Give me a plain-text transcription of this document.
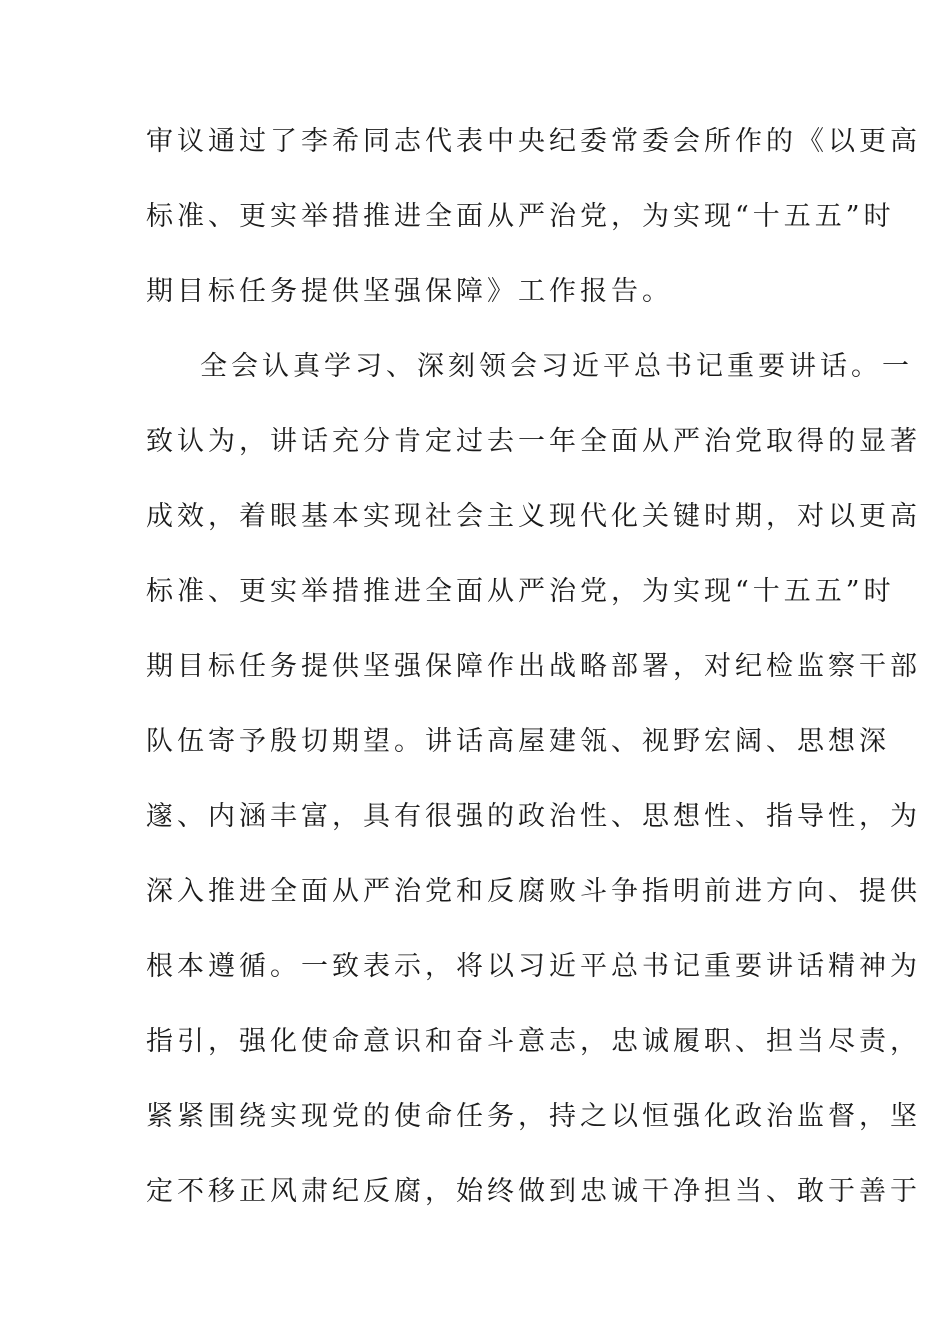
审议通过了李希同志代表中央纪委常委会所作的《以更高
标准、更实举措推进全面从严治党，为实现“十五五”时
期目标任务提供坚强保障》工作报告。
全会认真学习、深刻领会习近平总书记重要讲话。一
致认为，讲话充分肯定过去一年全面从严治党取得的显著
成效，着眼基本实现社会主义现代化关键时期，对以更高
标准、更实举措推进全面从严治党，为实现“十五五”时
期目标任务提供坚强保障作出战略部署，对纪检监察干部
队伍寄予殷切期望。讲话高屋建瓴、视野宏阔、思想深
邃、内涵丰富，具有很强的政治性、思想性、指导性，为
深入推进全面从严治党和反腐败斗争指明前进方向、提供
根本遵循。一致表示，将以习近平总书记重要讲话精神为
指引，强化使命意识和奋斗意志，忠诚履职、担当尽责，
紧紧围绕实现党的使命任务，持之以恒强化政治监督，坚
定不移正风肃纪反腐，始终做到忠诚干净担当、敢于善于
